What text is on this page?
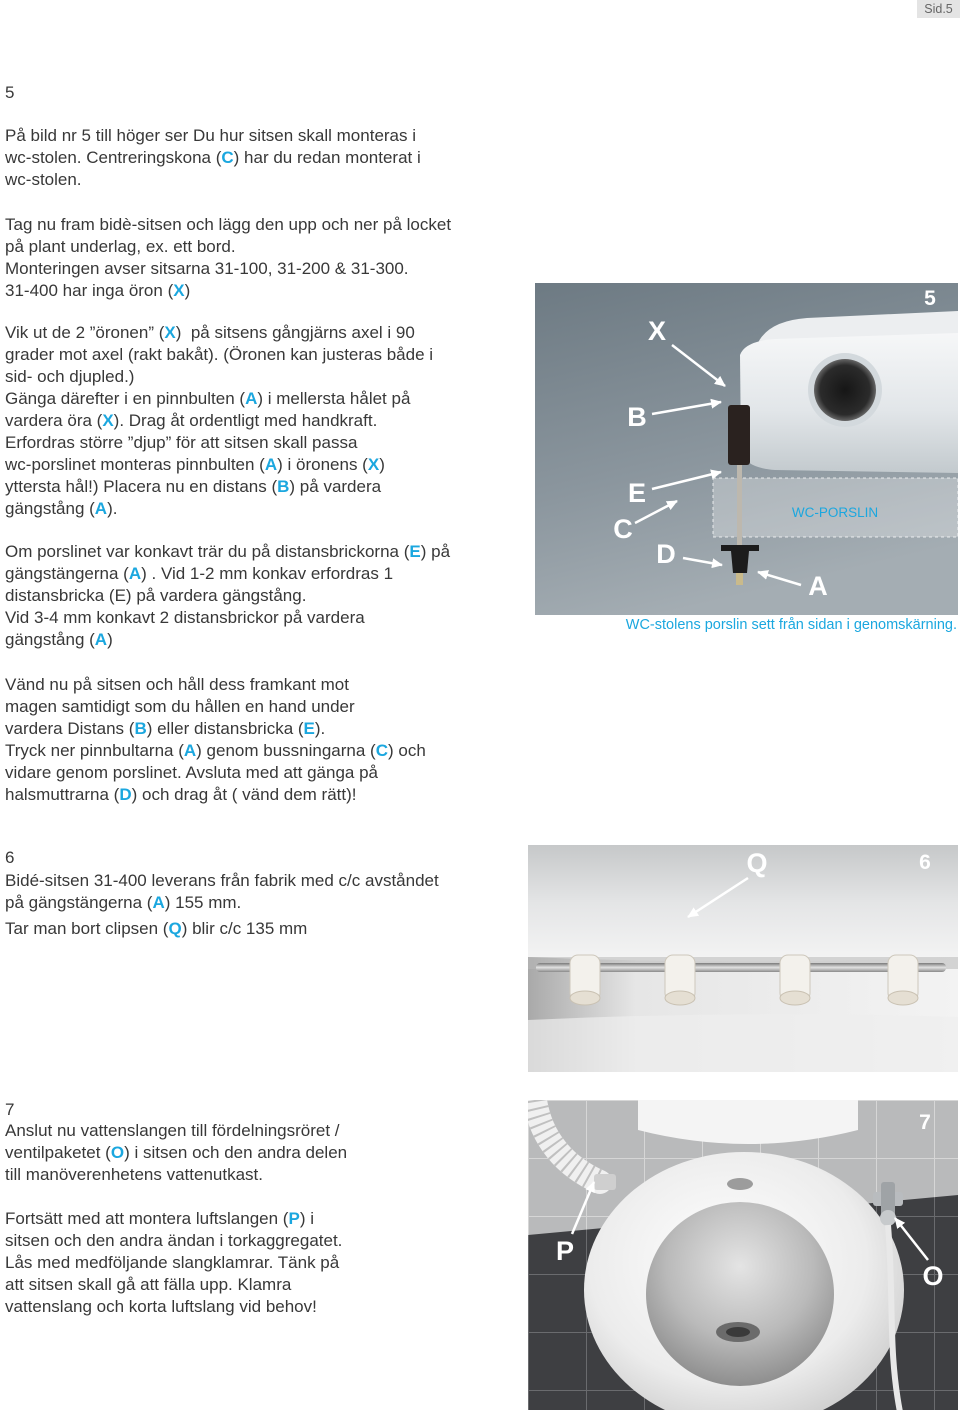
Sid.5
5
På bild nr 5 till höger ser Du hur sitsen skall monteras i
wc-stolen. Centreringskona (C) har du redan monterat i
wc-stolen.
Tag nu fram bidè-sitsen och lägg den upp och ner på locket
på plant underlag, ex. ett bord.
Monteringen avser sitsarna 31-100, 31-200 & 31-300.
31-400 har inga öron (X)
Vik ut de 2 ”öronen” (X)  på sitsens gångjärns axel i 90
grader mot axel (rakt bakåt). (Öronen kan justeras både i
sid- och djupled.)
Gänga därefter i en pinnbulten (A) i mellersta hålet på
vardera öra (X). Drag åt ordentligt med handkraft.
Erfordras större ”djup” för att sitsen skall passa
wc-porslinet monteras pinnbulten (A) i öronens (X)
yttersta hål!) Placera nu en distans (B) på vardera
gängstång (A).
Om porslinet var konkavt trär du på distansbrickorna (E) på
gängstängerna (A) . Vid 1-2 mm konkav erfordras 1
distansbricka (E) på vardera gängstång.
Vid 3-4 mm konkavt 2 distansbrickor på vardera
gängstång (A)
Vänd nu på sitsen och håll dess framkant mot
magen samtidigt som du hållen en hand under
vardera Distans (B) eller distansbricka (E).
Tryck ner pinnbultarna (A) genom bussningarna (C) och
vidare genom porslinet. Avsluta med att gänga på
halsmuttrarna (D) och drag åt ( vänd dem rätt)!
WC-PORSLIN
X
B
E
C
D
A
5
WC-stolens porslin sett från sidan i genomskärning.
6
Bidé-sitsen 31-400 leverans från fabrik med c/c avståndet
på gängstängerna (A) 155 mm.
Tar man bort clipsen (Q) blir c/c 135 mm
Q	6
7
Anslut nu vattenslangen till fördelningsröret /
ventilpaketet (O) i sitsen och den andra delen
till manöverenhetens vattenutkast.
Fortsätt med att montera luftslangen (P) i
sitsen och den andra ändan i torkaggregatet.
Lås med medföljande slangklamrar. Tänk på
att sitsen skall gå att fälla upp. Klamra
vattenslang och korta luftslang vid behov!
P
O
7
